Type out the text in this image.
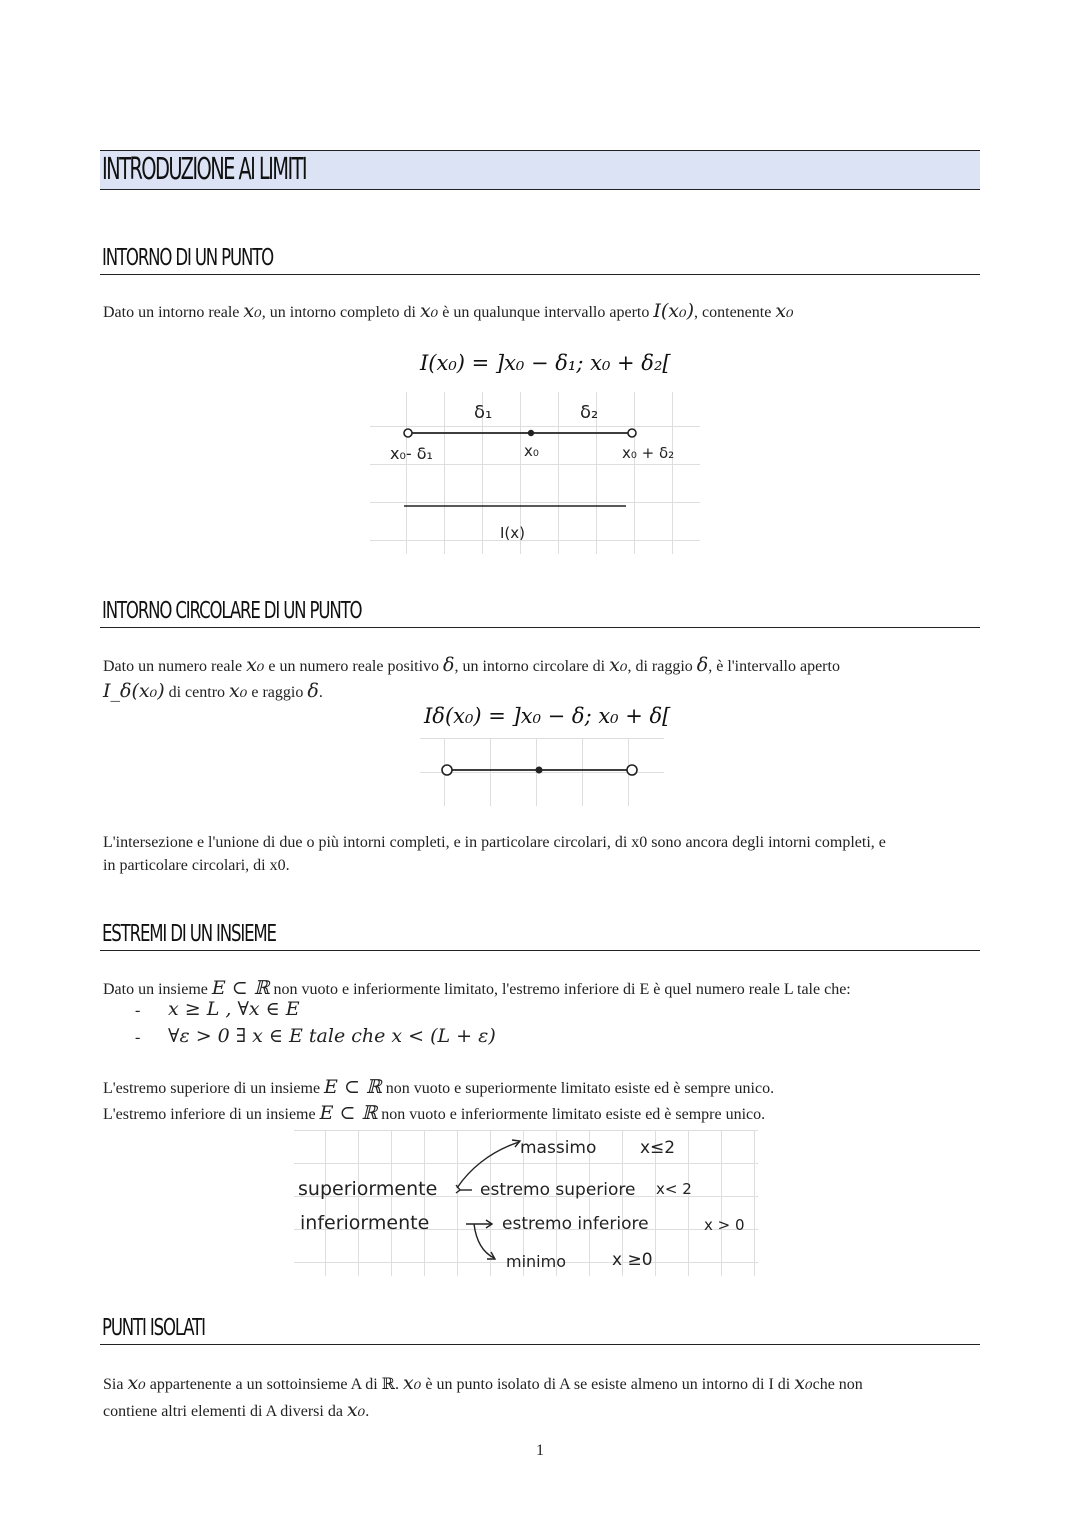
INTRODUZIONE AI LIMITI
INTORNO DI UN PUNTO
Dato un intorno reale x₀, un intorno completo di x₀ è un qualunque intervallo aperto I(x₀), contenente x₀
I(x₀) = ]x₀ − δ₁; x₀ + δ₂[
δ₁	δ₂
x₀- δ₁	x₀	x₀ + δ₂
I(x)
INTORNO CIRCOLARE DI UN PUNTO
Dato un numero reale x₀ e un numero reale positivo δ, un intorno circolare di x₀, di raggio δ, è l'intervallo aperto
I_δ(x₀) di centro x₀ e raggio δ.
Iδ(x₀) = ]x₀ − δ; x₀ + δ[
L'intersezione e l'unione di due o più intorni completi, e in particolare circolari, di x0 sono ancora degli intorni completi, e
in particolare circolari, di x0.
ESTREMI DI UN INSIEME
Dato un insieme E ⊂ ℝ non vuoto e inferiormente limitato, l'estremo inferiore di E è quel numero reale L tale che:
- x ≥ L , ∀x ∈ E
- ∀ε > 0 ∃ x ∈ E tale che x < (L + ε)
L'estremo superiore di un insieme E ⊂ ℝ non vuoto e superiormente limitato esiste ed è sempre unico.
L'estremo inferiore di un insieme E ⊂ ℝ non vuoto e inferiormente limitato esiste ed è sempre unico.
massimo	x≤2
superiormente	estremo superiore x< 2
inferiormente	estremo inferiore	x > 0
minimo	x ≥0
PUNTI ISOLATI
Sia x₀ appartenente a un sottoinsieme A di ℝ. x₀ è un punto isolato di A se esiste almeno un intorno di I di x₀che non
contiene altri elementi di A diversi da x₀.
1
